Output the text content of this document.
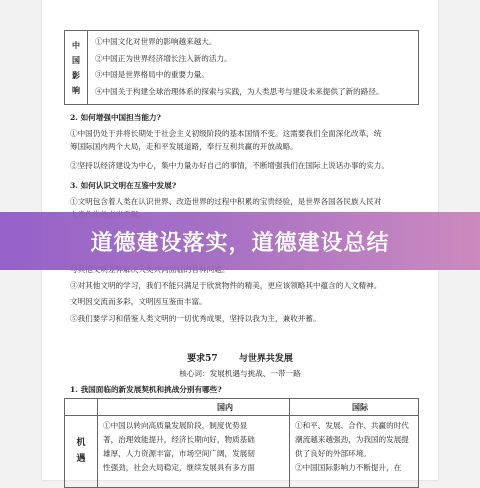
中
国
影
响
①中国文化对世界的影响越来越大。
②中国正为世界经济增长注入新的活力。
③中国是世界格局中的重要力量。
④中国关于构建全球治理体系的探索与实践，为人类思考与建设未来提供了新的路径。
2. 如何增强中国担当能力?
①中国仍处于并将长期处于社会主义初级阶段的基本国情不变。这需要我们全面深化改革，统
筹国际国内两个大局，走和平发展道路，奉行互利共赢的开放战略。
②坚持以经济建设为中心，集中力量办好自己的事情，不断增强我们在国际上说话办事的实力。
3. 如何认识文明在互鉴中发展?
①文明包含着人类在认识世界、改造世界的过程中积累的宝贵经验，是世界各国各民族人民对
③对其他文明的学习，我们不能只满足于欣赏物件的精美，更应该领略其中蕴含的人文精神。
文明因交流而多彩，文明因互鉴而丰富。
⑤我们要学习和借鉴人类文明的一切优秀成果，坚持以我为主，兼收并蓄。
要求57 与世界共发展
核心词：发展机遇与挑战、一带一路
1. 我国面临的新发展契机和挑战分别有哪些?
国内	国际
机
遇
①中国以转向高质量发展阶段，制度优势显
著，治理效能提升，经济长期向好，物质基础
雄厚，人力资源丰富，市场空间广阔，发展韧
性强劲，社会大局稳定，继续发展具有多方面
①和平、发展、合作、共赢的时代
潮流越来越强劲，为我国的发展提
供了良好的外部环境。
②中国国际影响力不断提升，在
道德建设落实，道德建设总结
